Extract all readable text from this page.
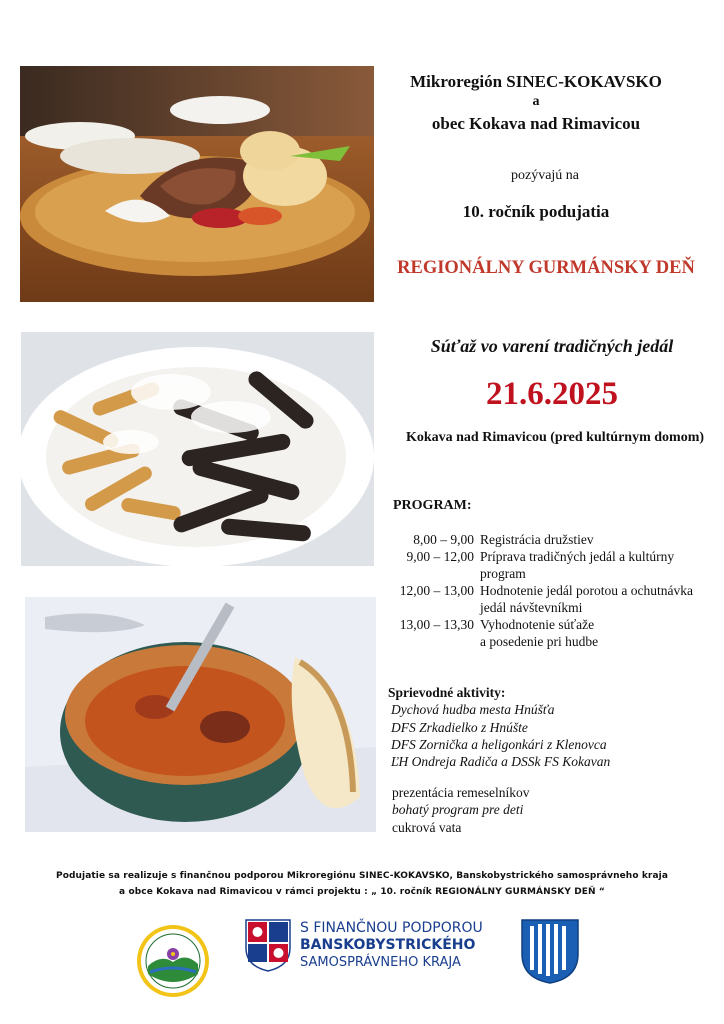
Mikroregión SINEC-KOKAVSKO
a
obec Kokava nad Rimavicou
pozývajú na
10. ročník podujatia
REGIONÁLNY GURMÁNSKY DEŇ
Súťaž vo varení tradičných jedál
21.6.2025
Kokava nad Rimavicou (pred kultúrnym domom)
PROGRAM:
8,00 – 9,00 Registrácia družstiev
9,00 – 12,00 Príprava tradičných jedál a kultúrny
program
12,00 – 13,00 Hodnotenie jedál porotou a ochutnávka
jedál návštevníkmi
13,00 – 13,30 Vyhodnotenie súťaže
a posedenie pri hudbe
Sprievodné aktivity:
Dychová hudba mesta Hnúšťa
DFS Zrkadielko z Hnúšte
DFS Zornička a heligonkári z Klenovca
ĽH Ondreja Radiča a DSSk FS Kokavan
prezentácia remeselníkov
bohatý program pre deti
cukrová vata
Podujatie sa realizuje s finančnou podporou Mikroregiónu SINEC-KOKAVSKO, Banskobystrického samosprávneho kraja
a obce Kokava nad Rimavicou v rámci projektu : „ 10. ročník REGIONÁLNY GURMÁNSKY DEŇ “
S FINANČNOU PODPOROU
BANSKOBYSTRICKÉHO
SAMOSPRÁVNEHO KRAJA
